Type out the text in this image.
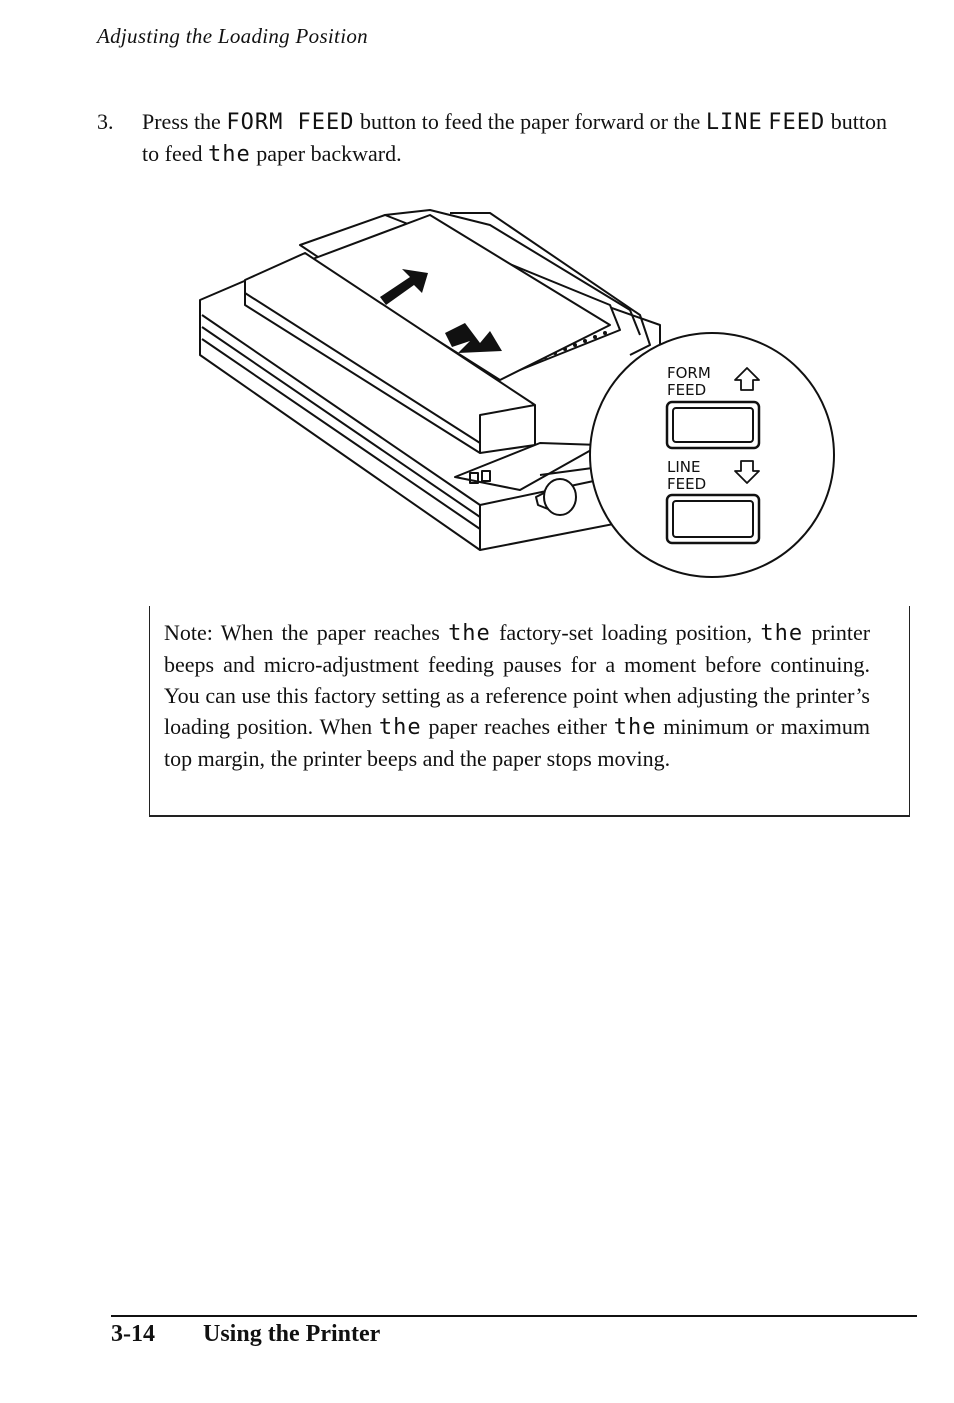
Adjusting the Loading Position
3. Press the FORM FEED button to feed the paper forward or the LINE FEED button to feed the paper backward.
FORM
FEED
LINE
FEED
Note: When the paper reaches the factory-set loading position, the printer beeps and micro-adjustment feeding pauses for a moment before continuing. You can use this factory setting as a reference point when adjusting the printer’s loading position. When the paper reaches either the minimum or maximum top margin, the printer beeps and the paper stops moving.
3-14 Using the Printer
